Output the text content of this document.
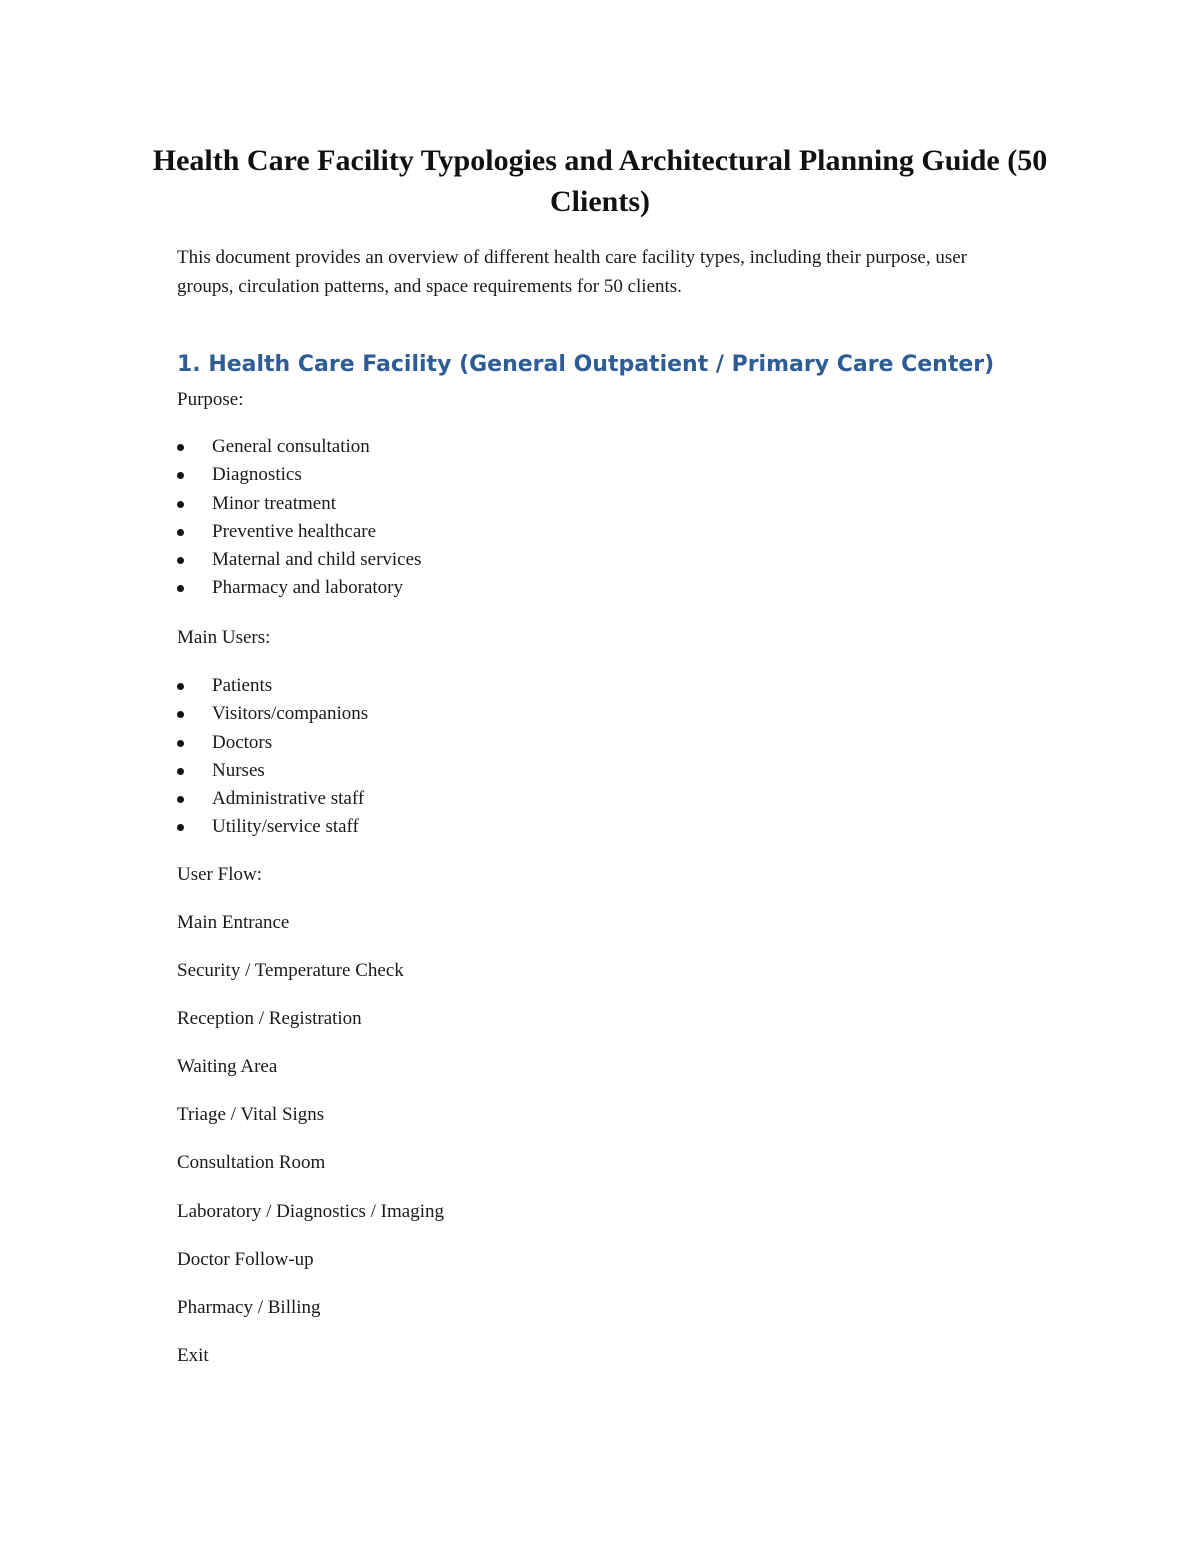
Health Care Facility Typologies and Architectural Planning Guide (50 Clients)

This document provides an overview of different health care facility types, including their purpose, user groups, circulation patterns, and space requirements for 50 clients.

1. Health Care Facility (General Outpatient / Primary Care Center)

Purpose:

General consultation
Diagnostics
Minor treatment
Preventive healthcare
Maternal and child services
Pharmacy and laboratory

Main Users:

Patients
Visitors/companions
Doctors
Nurses
Administrative staff
Utility/service staff

User Flow:

Main Entrance
Security / Temperature Check
Reception / Registration
Waiting Area
Triage / Vital Signs
Consultation Room
Laboratory / Diagnostics / Imaging
Doctor Follow-up
Pharmacy / Billing
Exit
